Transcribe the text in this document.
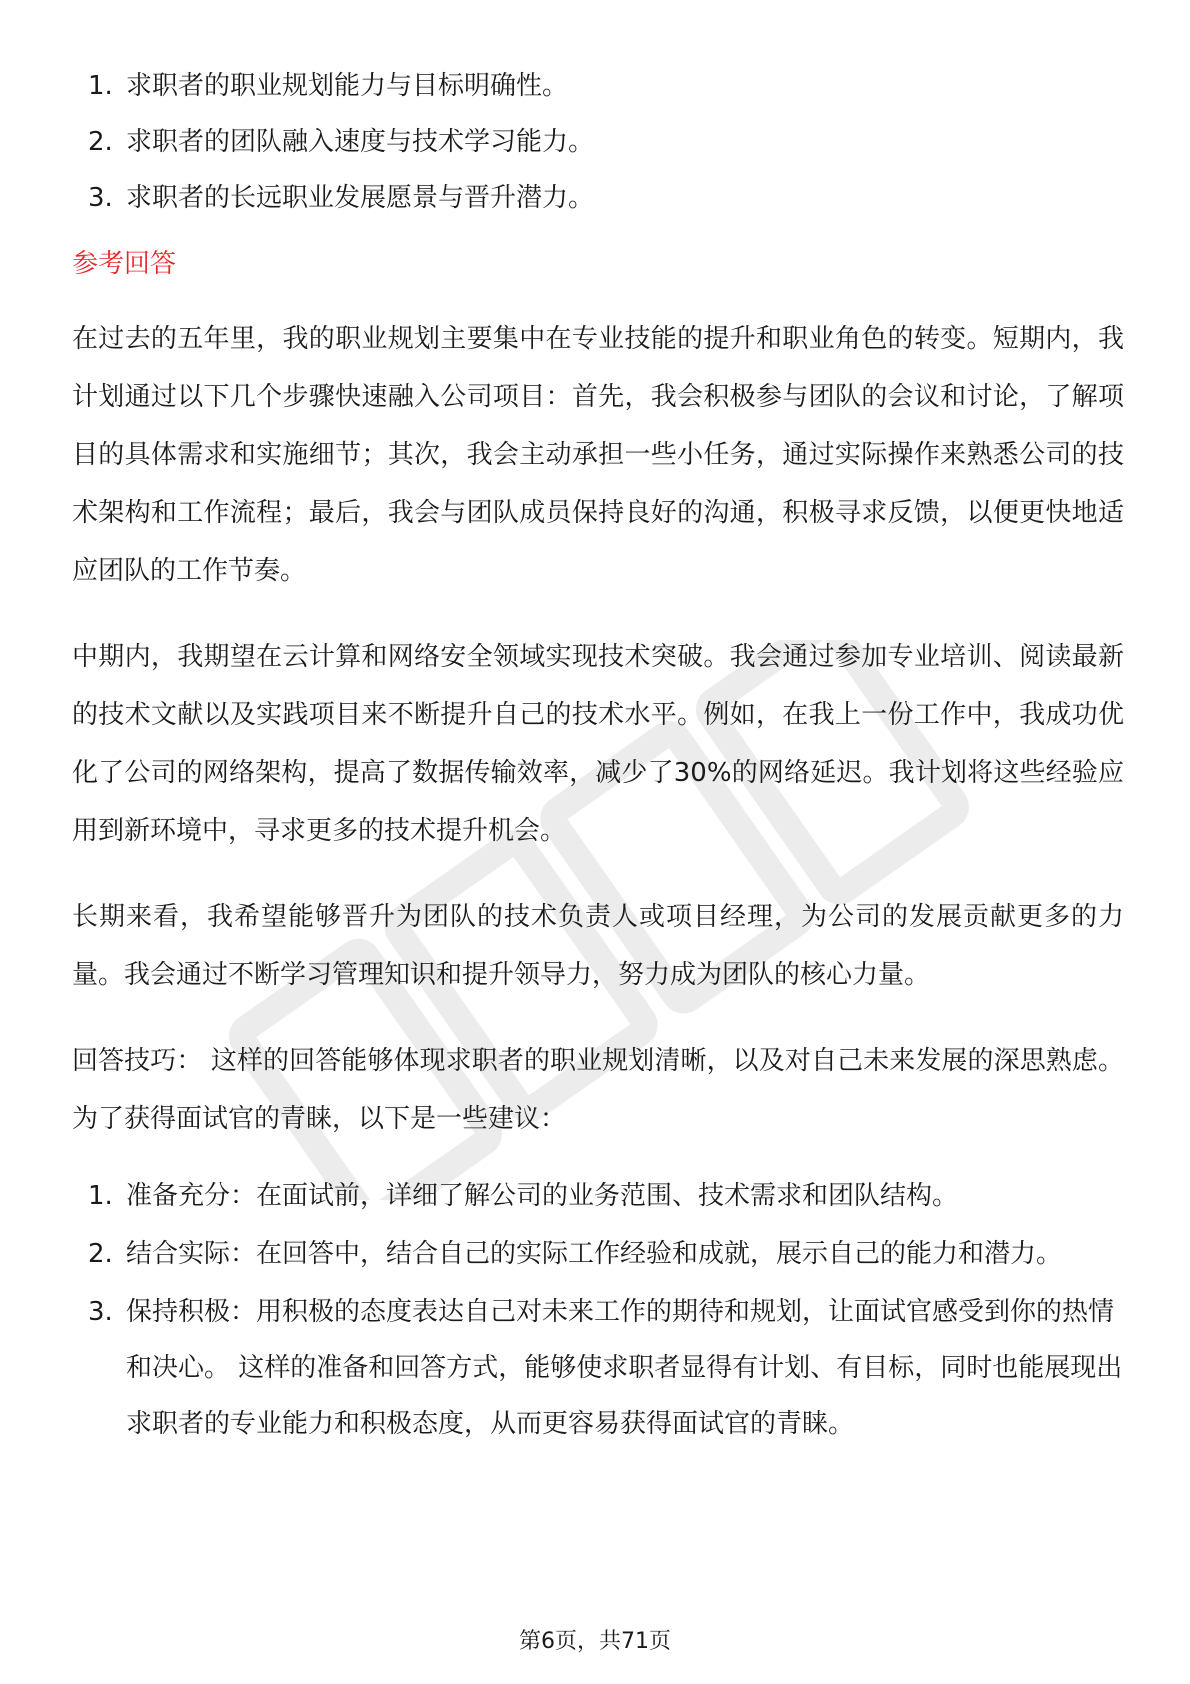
1. 求职者的职业规划能力与目标明确性。
2. 求职者的团队融入速度与技术学习能力。
3. 求职者的长远职业发展愿景与晋升潜力。
参考回答

在过去的五年里，我的职业规划主要集中在专业技能的提升和职业角色的转变。短期内，我计划通过以下几个步骤快速融入公司项目：首先，我会积极参与团队的会议和讨论，了解项目的具体需求和实施细节；其次，我会主动承担一些小任务，通过实际操作来熟悉公司的技术架构和工作流程；最后，我会与团队成员保持良好的沟通，积极寻求反馈，以便更快地适应团队的工作节奏。

中期内，我期望在云计算和网络安全领域实现技术突破。我会通过参加专业培训、阅读最新的技术文献以及实践项目来不断提升自己的技术水平。例如，在我上一份工作中，我成功优化了公司的网络架构，提高了数据传输效率，减少了30%的网络延迟。我计划将这些经验应用到新环境中，寻求更多的技术提升机会。

长期来看，我希望能够晋升为团队的技术负责人或项目经理，为公司的发展贡献更多的力量。我会通过不断学习管理知识和提升领导力，努力成为团队的核心力量。

回答技巧： 这样的回答能够体现求职者的职业规划清晰，以及对自己未来发展的深思熟虑。为了获得面试官的青睐，以下是一些建议：

1. 准备充分：在面试前，详细了解公司的业务范围、技术需求和团队结构。
2. 结合实际：在回答中，结合自己的实际工作经验和成就，展示自己的能力和潜力。
3. 保持积极：用积极的态度表达自己对未来工作的期待和规划，让面试官感受到你的热情和决心。 这样的准备和回答方式，能够使求职者显得有计划、有目标，同时也能展现出求职者的专业能力和积极态度，从而更容易获得面试官的青睐。
第6页，共71页
